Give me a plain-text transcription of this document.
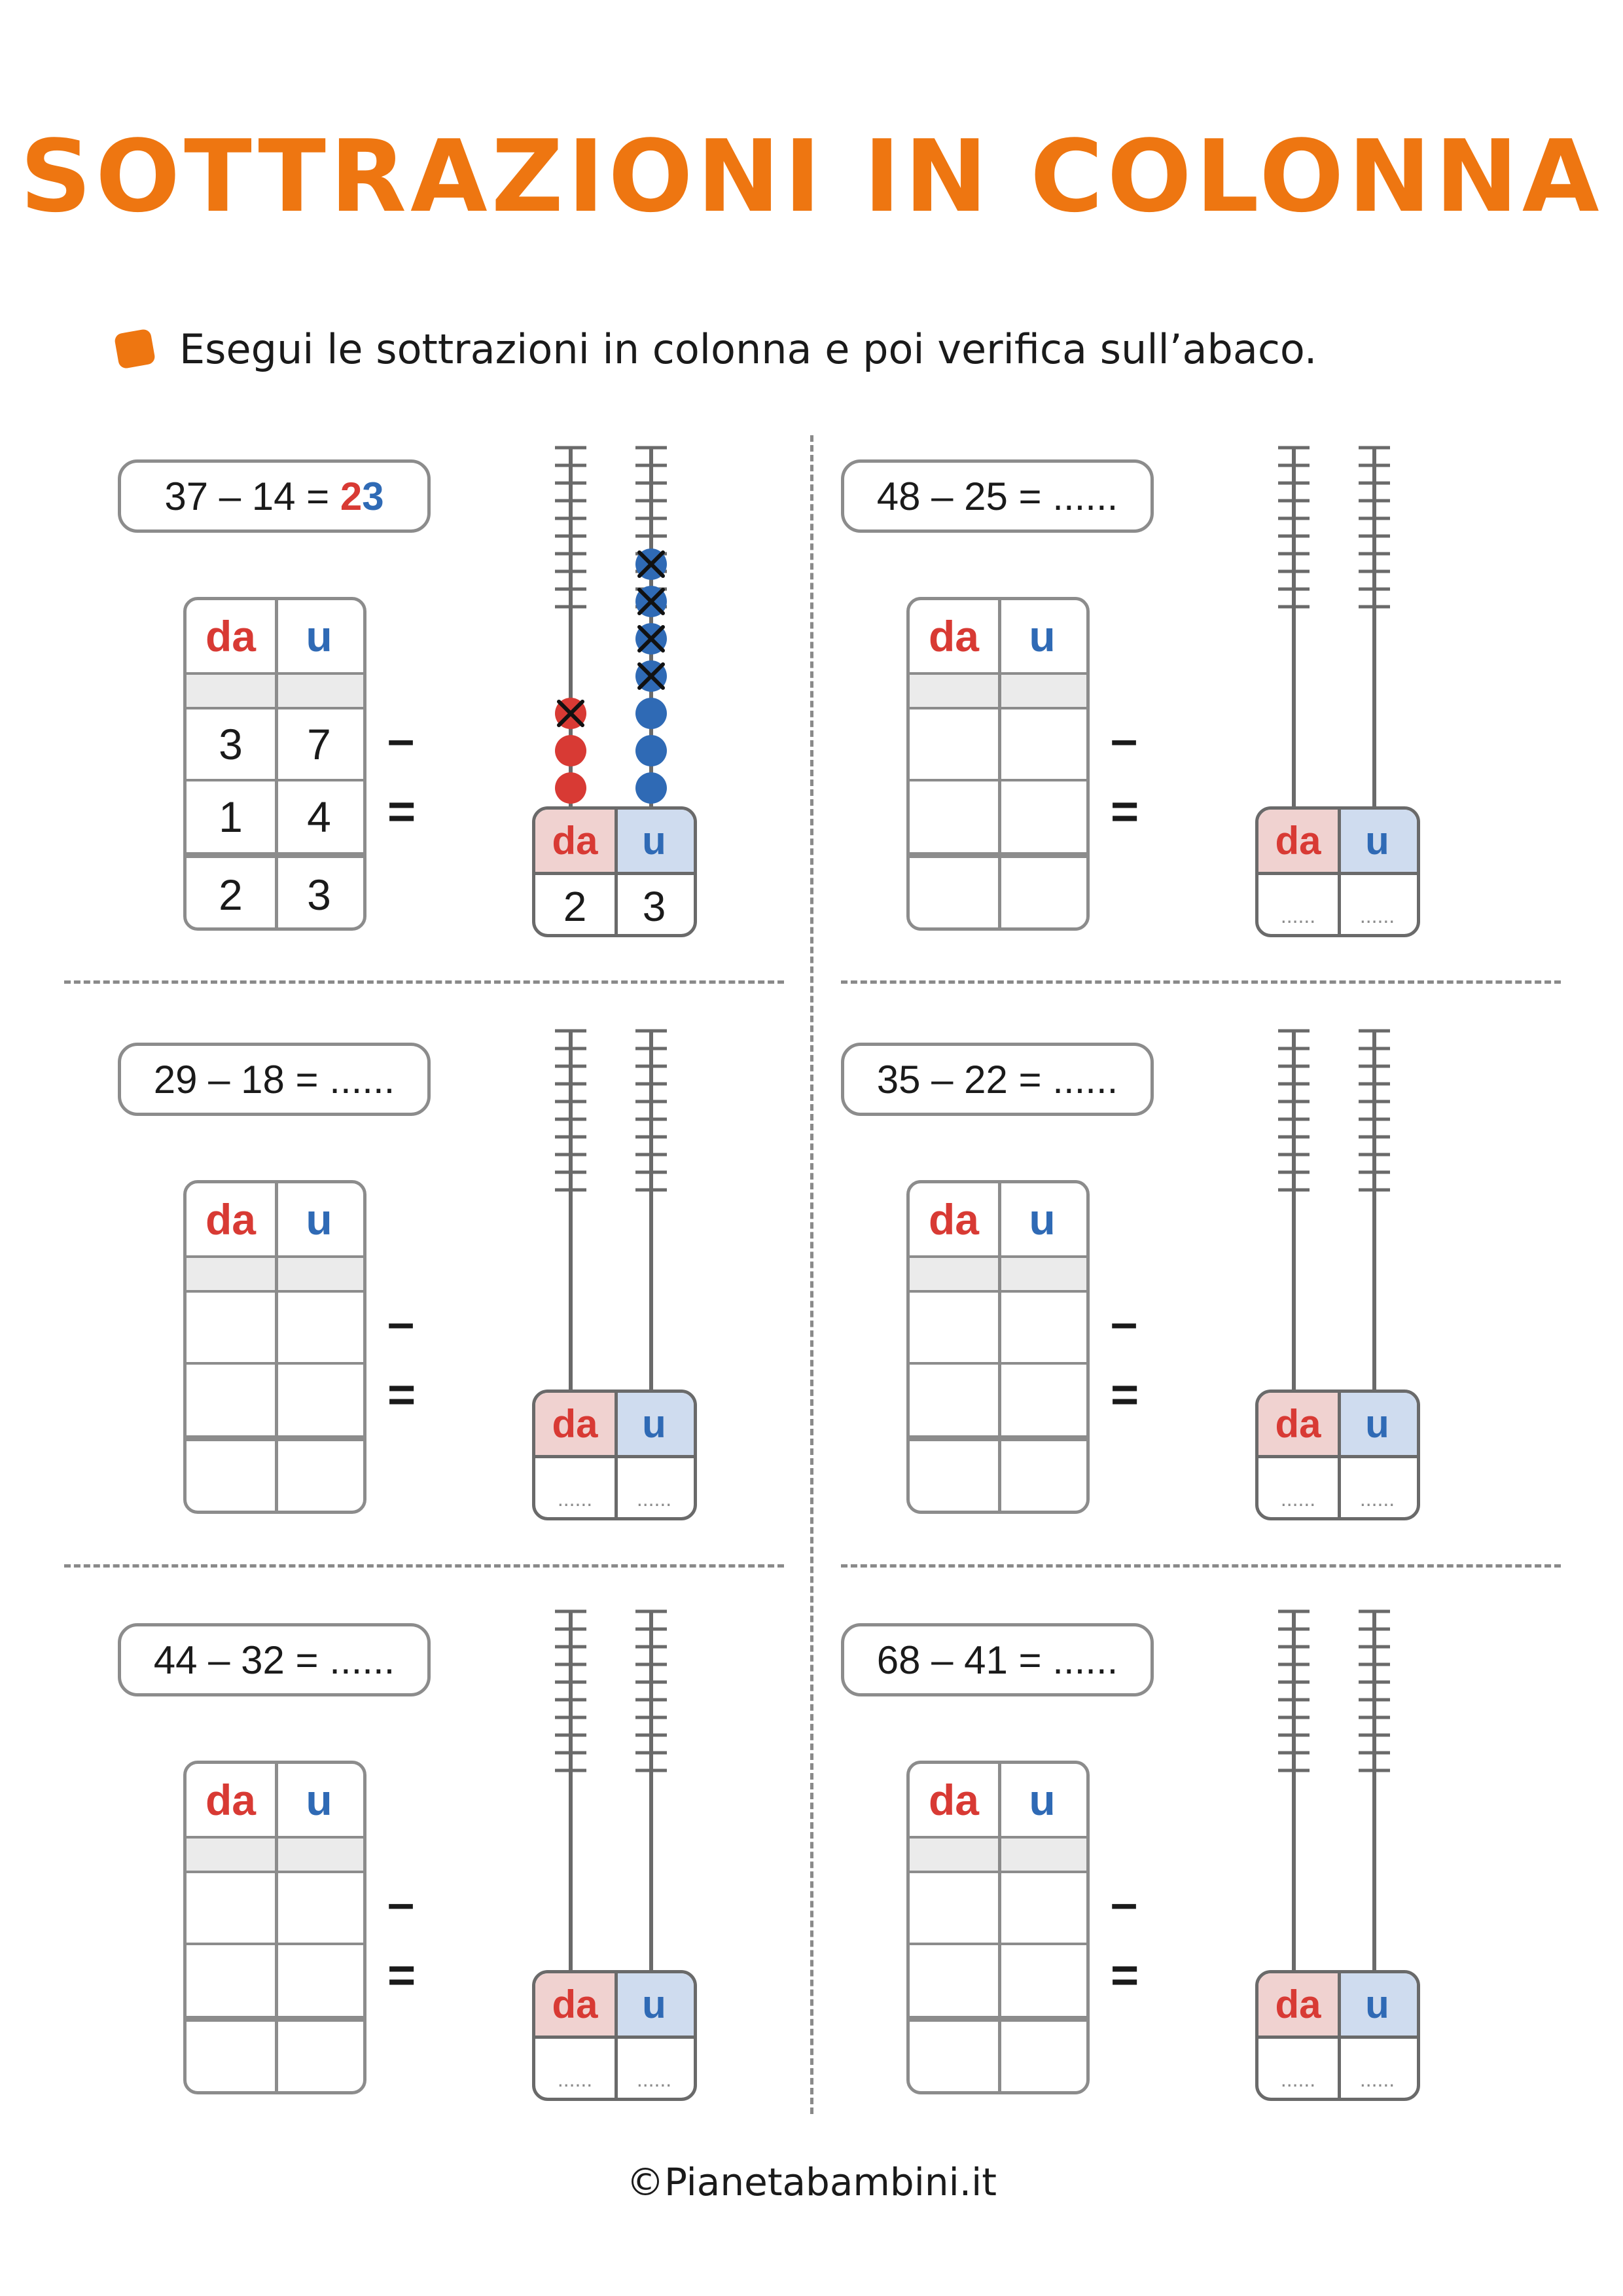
SOTTRAZIONI IN COLONNA
Esegui le sottrazioni in colonna e poi verifica sull’abaco.
37 – 14 = 2 3
da	u
3	7
1	4
2	3
–
=
da	u
2	3
48 – 25 = ......
da	u
–
=
da	u
......	......
29 – 18 = ......
da	u
–
=
da	u
......	......
35 – 22 = ......
da	u
–
=
da	u
......	......
44 – 32 = ......
da	u
–
=
da	u
......	......
68 – 41 = ......
da	u
–
=
da	u
......	......
©Pianetabambini.it
